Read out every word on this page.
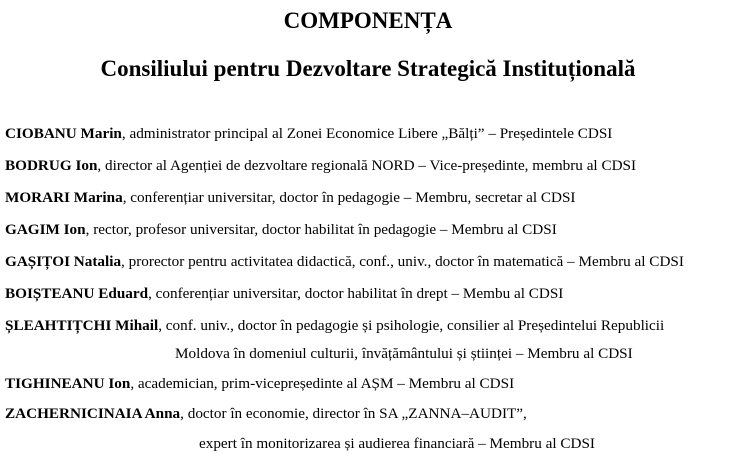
COMPONENȚA
Consiliului pentru Dezvoltare Strategică Instituțională
CIOBANU Marin, administrator principal al Zonei Economice Libere „Bălți” – Președintele CDSI
BODRUG Ion, director al Agenției de dezvoltare regională NORD – Vice-președinte, membru al CDSI
MORARI Marina, conferențiar universitar, doctor în pedagogie – Membru, secretar al CDSI
GAGIM Ion, rector, profesor universitar, doctor habilitat în pedagogie – Membru al CDSI
GAȘIȚOI Natalia, prorector pentru activitatea didactică, conf., univ., doctor în matematică – Membru al CDSI
BOIȘTEANU Eduard, conferențiar universitar, doctor habilitat în drept – Membu al CDSI
ȘLEAHTIȚCHI Mihail, conf. univ., doctor în pedagogie și psihologie, consilier al Președintelui Republicii
Moldova în domeniul culturii, învățământului și științei – Membru al CDSI
TIGHINEANU Ion, academician, prim-vicepreședinte al AȘM – Membru al CDSI
ZACHERNICINAIA Anna, doctor în economie, director în SA „ZANNA–AUDIT”,
expert în monitorizarea și audierea financiară – Membru al CDSI
